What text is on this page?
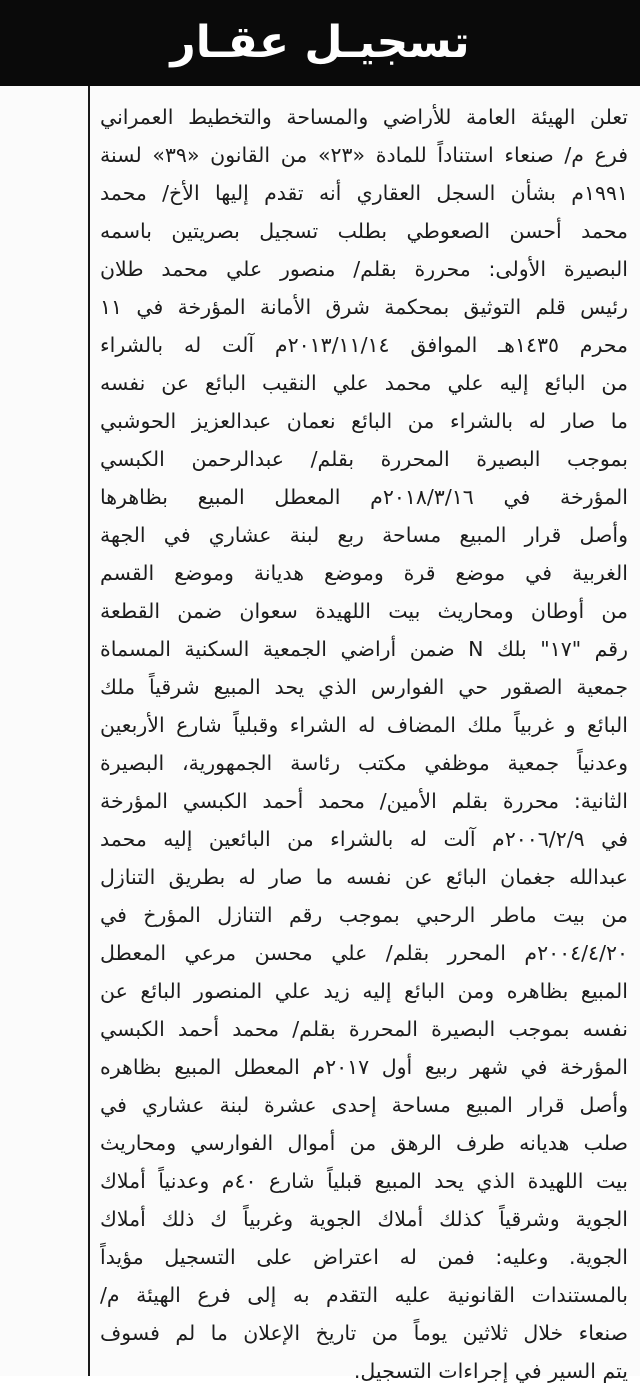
تسجيـل عقـار
تعلن الهيئة العامة للأراضي والمساحة والتخطيط العمراني
فرع م/ صنعاء استناداً للمادة «٢٣» من القانون «٣٩» لسنة
١٩٩١م بشأن السجل العقاري أنه تقدم إليها الأخ/ محمد
محمد أحسن الصعوطي بطلب تسجيل بصريتين باسمه
البصيرة الأولى: محررة بقلم/ منصور علي محمد طلان
رئيس قلم التوثيق بمحكمة شرق الأمانة المؤرخة في ١١
محرم ١٤٣٥هـ الموافق ٢٠١٣/١١/١٤م آلت له بالشراء
من البائع إليه علي محمد علي النقيب البائع عن نفسه
ما صار له بالشراء من البائع نعمان عبدالعزيز الحوشبي
بموجب البصيرة المحررة بقلم/ عبدالرحمن الكبسي
المؤرخة في ٢٠١٨/٣/١٦م المعطل المبيع بظاهرها
وأصل قرار المبيع مساحة ربع لبنة عشاري في الجهة
الغربية في موضع قرة وموضع هديانة وموضع القسم
من أوطان ومحاريث بيت اللهيدة سعوان ضمن القطعة
رقم "١٧" بلك N ضمن أراضي الجمعية السكنية المسماة
جمعية الصقور حي الفوارس الذي يحد المبيع شرقياً ملك
البائع و غربياً ملك المضاف له الشراء وقبلياً شارع الأربعين
وعدنياً جمعية موظفي مكتب رئاسة الجمهورية، البصيرة
الثانية: محررة بقلم الأمين/ محمد أحمد الكبسي المؤرخة
في ٢٠٠٦/٢/٩م آلت له بالشراء من البائعين إليه محمد
عبدالله جغمان البائع عن نفسه ما صار له بطريق التنازل
من بيت ماطر الرحبي بموجب رقم التنازل المؤرخ في
٢٠٠٤/٤/٢٠م المحرر بقلم/ علي محسن مرعي المعطل
المبيع بظاهره ومن البائع إليه زيد علي المنصور البائع عن
نفسه بموجب البصيرة المحررة بقلم/ محمد أحمد الكبسي
المؤرخة في شهر ربيع أول ٢٠١٧م المعطل المبيع بظاهره
وأصل قرار المبيع مساحة إحدى عشرة لبنة عشاري في
صلب هديانه طرف الرهق من أموال الفوارسي ومحاريث
بيت اللهيدة الذي يحد المبيع قبلياً شارع ٤٠م وعدنياً أملاك
الجوية وشرقياً كذلك أملاك الجوية وغربياً ك ذلك أملاك
الجوية. وعليه: فمن له اعتراض على التسجيل مؤيداً
بالمستندات القانونية عليه التقدم به إلى فرع الهيئة م/
صنعاء خلال ثلاثين يوماً من تاريخ الإعلان ما لم فسوف
يتم السير في إجراءات التسجيل.
